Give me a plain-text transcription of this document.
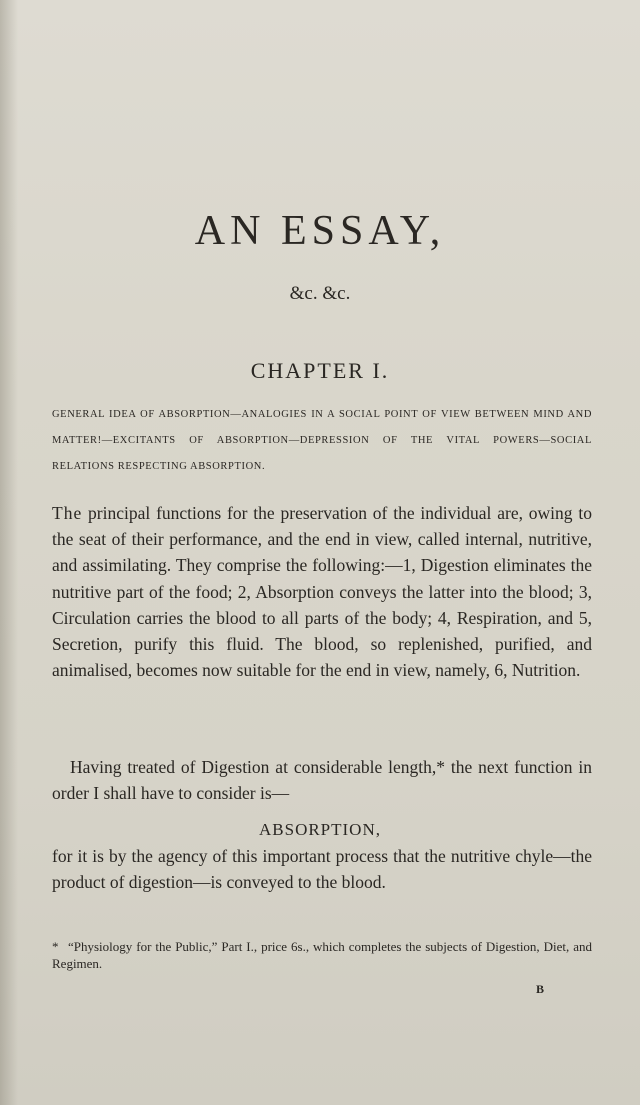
AN ESSAY,
&c. &c.
CHAPTER I.
GENERAL IDEA OF ABSORPTION—ANALOGIES IN A SOCIAL POINT OF VIEW BETWEEN MIND AND MATTER!—EXCITANTS OF ABSORPTION—DEPRESSION OF THE VITAL POWERS—SOCIAL RELATIONS RESPECTING ABSORPTION.
The principal functions for the preservation of the individual are, owing to the seat of their performance, and the end in view, called internal, nutritive, and assimilating. They comprise the following:—1, Digestion eliminates the nutritive part of the food; 2, Absorption conveys the latter into the blood; 3, Circulation carries the blood to all parts of the body; 4, Respiration, and 5, Secretion, purify this fluid. The blood, so replenished, purified, and animalised, becomes now suitable for the end in view, namely, 6, Nutrition.
Having treated of Digestion at considerable length,* the next function in order I shall have to consider is—
ABSORPTION,
for it is by the agency of this important process that the nutritive chyle—the product of digestion—is conveyed to the blood.
* “Physiology for the Public,” Part I., price 6s., which completes the subjects of Digestion, Diet, and Regimen.
B
